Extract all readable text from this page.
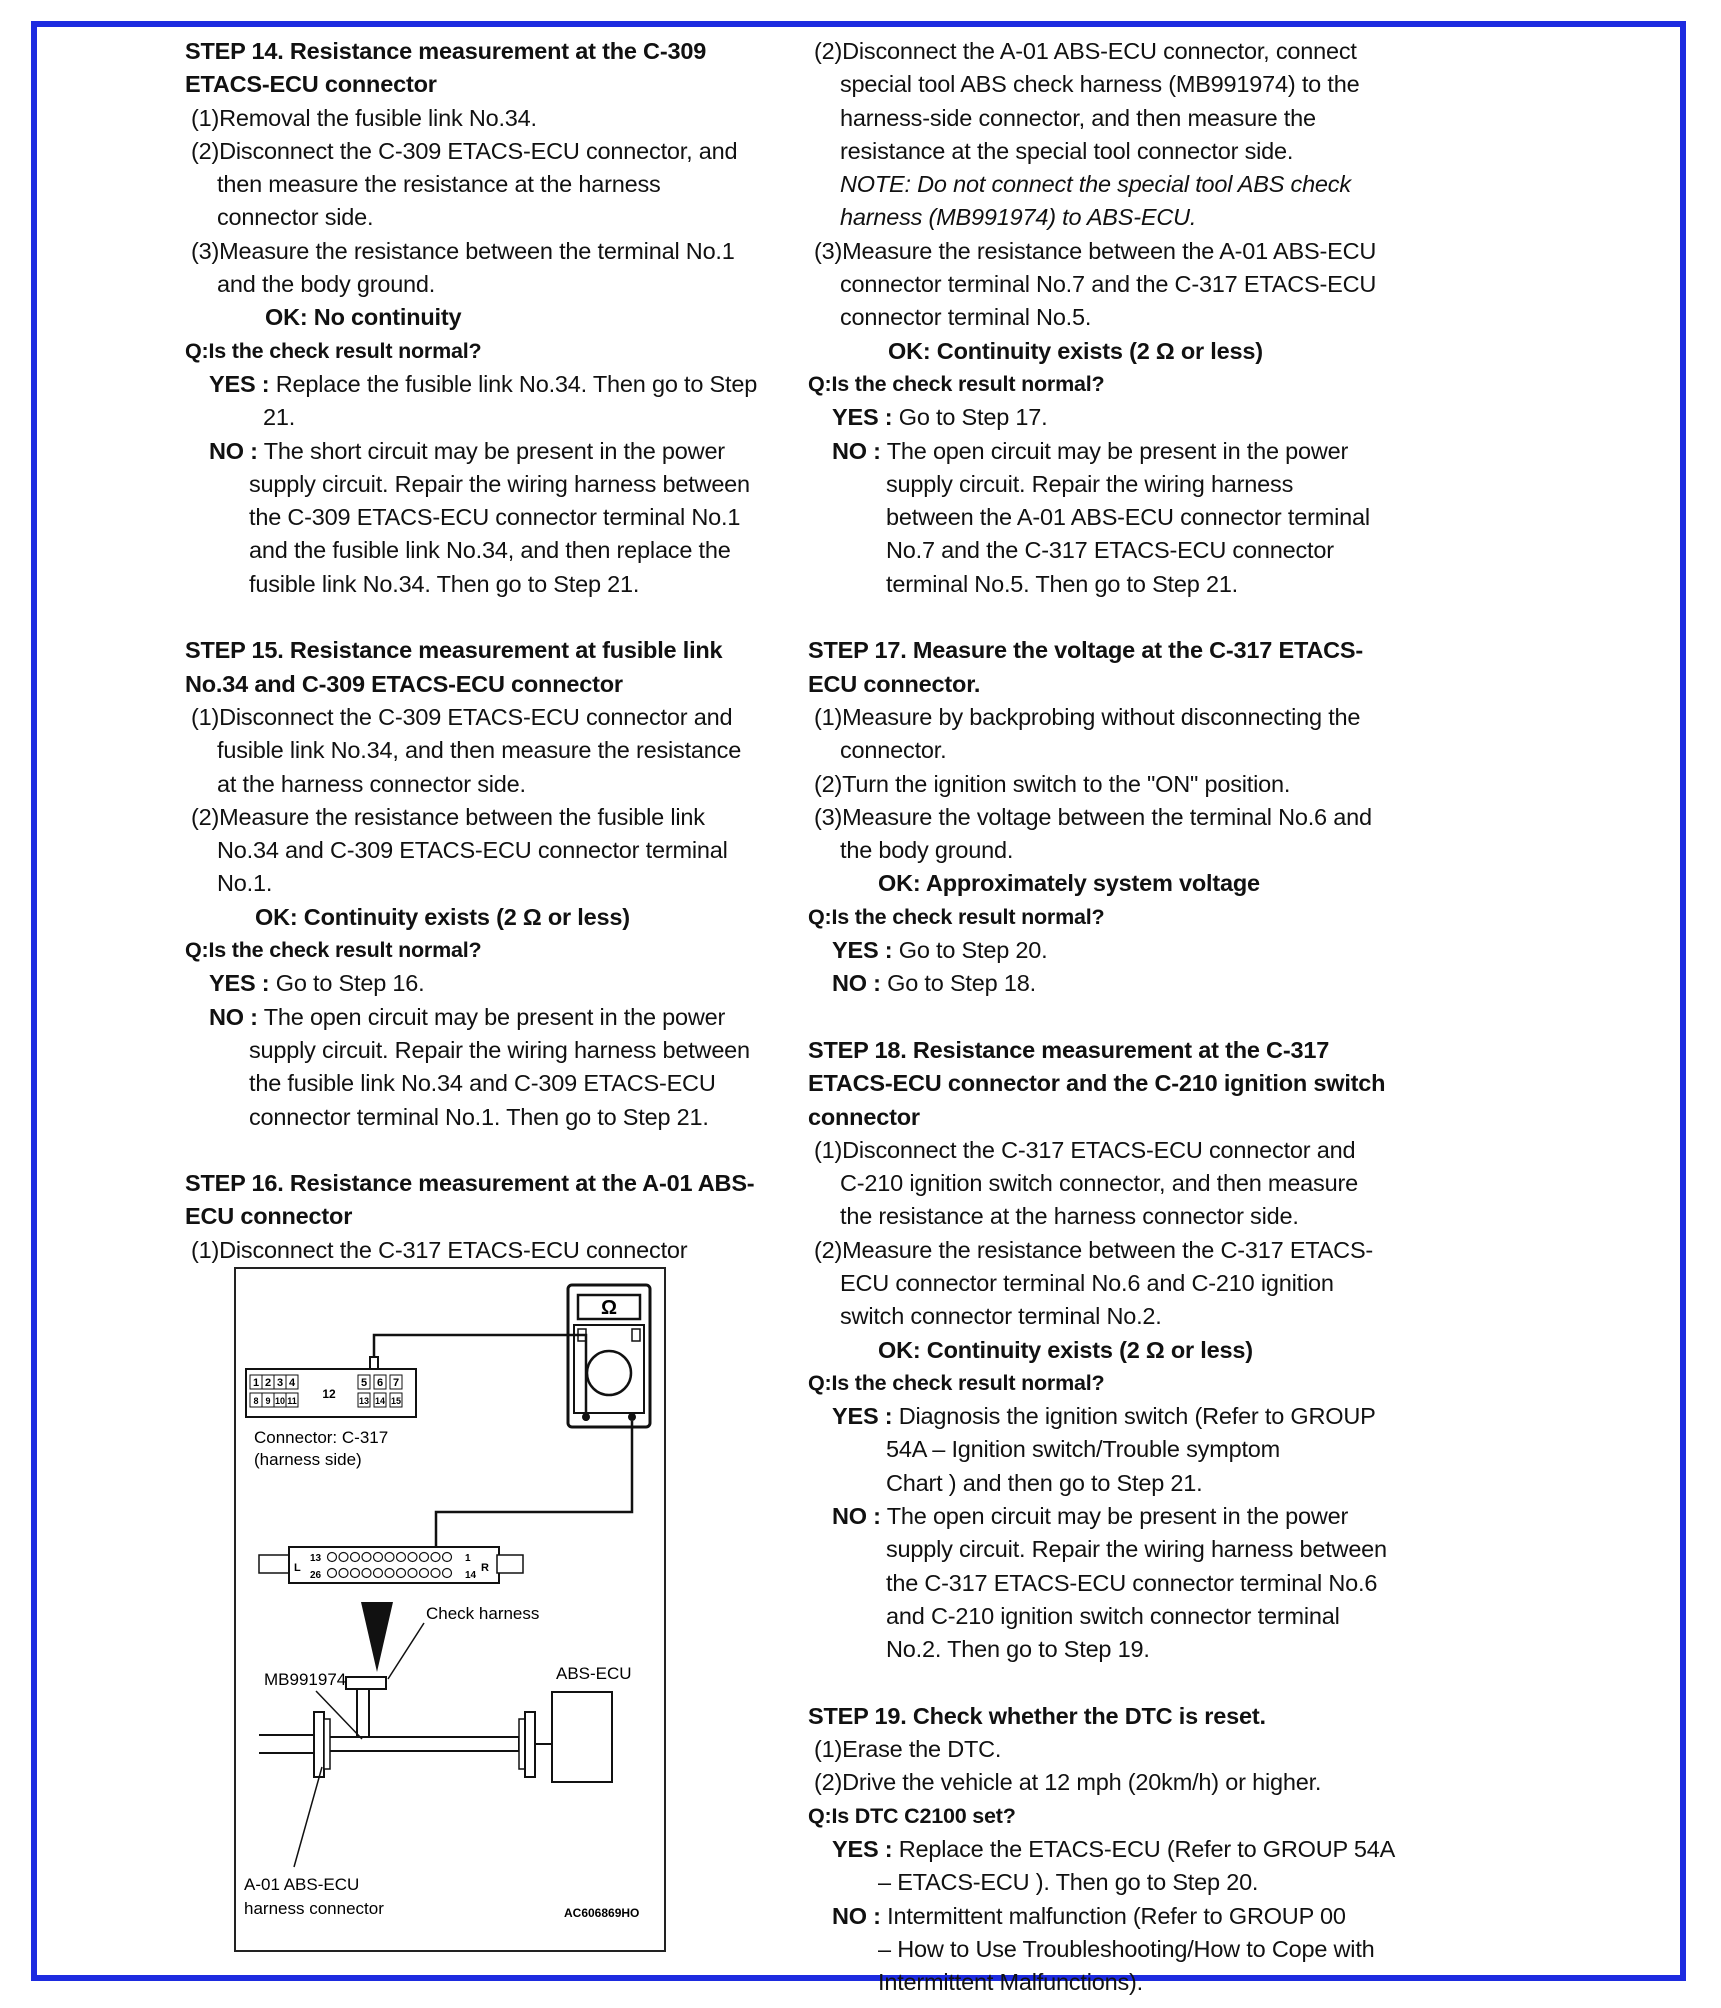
STEP 14. Resistance measurement at the C-309

ETACS-ECU connector

(1)Removal the fusible link No.34.

(2)Disconnect the C-309 ETACS-ECU connector, and

then measure the resistance at the harness

connector side.

(3)Measure the resistance between the terminal No.1

and the body ground.

OK: No continuity

Q:Is the check result normal?

YES : Replace the fusible link No.34. Then go to Step

21.

NO : The short circuit may be present in the power

supply circuit. Repair the wiring harness between

the C-309 ETACS-ECU connector terminal No.1

and the fusible link No.34, and then replace the

fusible link No.34. Then go to Step 21.

STEP 15. Resistance measurement at fusible link

No.34 and C-309 ETACS-ECU connector

(1)Disconnect the C-309 ETACS-ECU connector and

fusible link No.34, and then measure the resistance

at the harness connector side.

(2)Measure the resistance between the fusible link

No.34 and C-309 ETACS-ECU connector terminal

No.1.

OK: Continuity exists (2 Ω or less)

Q:Is the check result normal?

YES : Go to Step 16.

NO : The open circuit may be present in the power

supply circuit. Repair the wiring harness between

the fusible link No.34 and C-309 ETACS-ECU

connector terminal No.1. Then go to Step 21.

STEP 16. Resistance measurement at the A-01 ABS-

ECU connector

(1)Disconnect the C-317 ETACS-ECU connector

(2)Disconnect the A-01 ABS-ECU connector, connect

special tool ABS check harness (MB991974) to the

harness-side connector, and then measure the

resistance at the special tool connector side.

NOTE: Do not connect the special tool ABS check

harness (MB991974) to ABS-ECU.

(3)Measure the resistance between the A-01 ABS-ECU

connector terminal No.7 and the C-317 ETACS-ECU

connector terminal No.5.

OK: Continuity exists (2 Ω or less)

Q:Is the check result normal?

YES : Go to Step 17.

NO : The open circuit may be present in the power

supply circuit. Repair the wiring harness

between the A-01 ABS-ECU connector terminal

No.7 and the C-317 ETACS-ECU connector

terminal No.5. Then go to Step 21.

STEP 17. Measure the voltage at the C-317 ETACS-

ECU connector.

(1)Measure by backprobing without disconnecting the

connector.

(2)Turn the ignition switch to the "ON" position.

(3)Measure the voltage between the terminal No.6 and

the body ground.

OK: Approximately system voltage

Q:Is the check result normal?

YES : Go to Step 20.

NO : Go to Step 18.

STEP 18. Resistance measurement at the C-317

ETACS-ECU connector and the C-210 ignition switch

connector

(1)Disconnect the C-317 ETACS-ECU connector and

C-210 ignition switch connector, and then measure

the resistance at the harness connector side.

(2)Measure the resistance between the C-317 ETACS-

ECU connector terminal No.6 and C-210 ignition

switch connector terminal No.2.

OK: Continuity exists (2 Ω or less)

Q:Is the check result normal?

YES : Diagnosis the ignition switch (Refer to GROUP

54A – Ignition switch/Trouble symptom

Chart ) and then go to Step 21.

NO : The open circuit may be present in the power

supply circuit. Repair the wiring harness between

the C-317 ETACS-ECU connector terminal No.6

and C-210 ignition switch connector terminal

No.2. Then go to Step 19.

STEP 19. Check whether the DTC is reset.

(1)Erase the DTC.

(2)Drive the vehicle at 12 mph (20km/h) or higher.

Q:Is DTC C2100 set?

YES : Replace the ETACS-ECU (Refer to GROUP 54A

– ETACS-ECU ). Then go to Step 20.

NO : Intermittent malfunction (Refer to GROUP 00

– How to Use Troubleshooting/How to Cope with

Intermittent Malfunctions).

Ω
1 2 3 4	5 6 7
12
8 9 10 11	13 14 15
Connector: C-317
(harness side)
L
13
26
1
14
R
Check harness
ABS-ECU
MB991974
A-01 ABS-ECU
harness connector	AC606869HO
